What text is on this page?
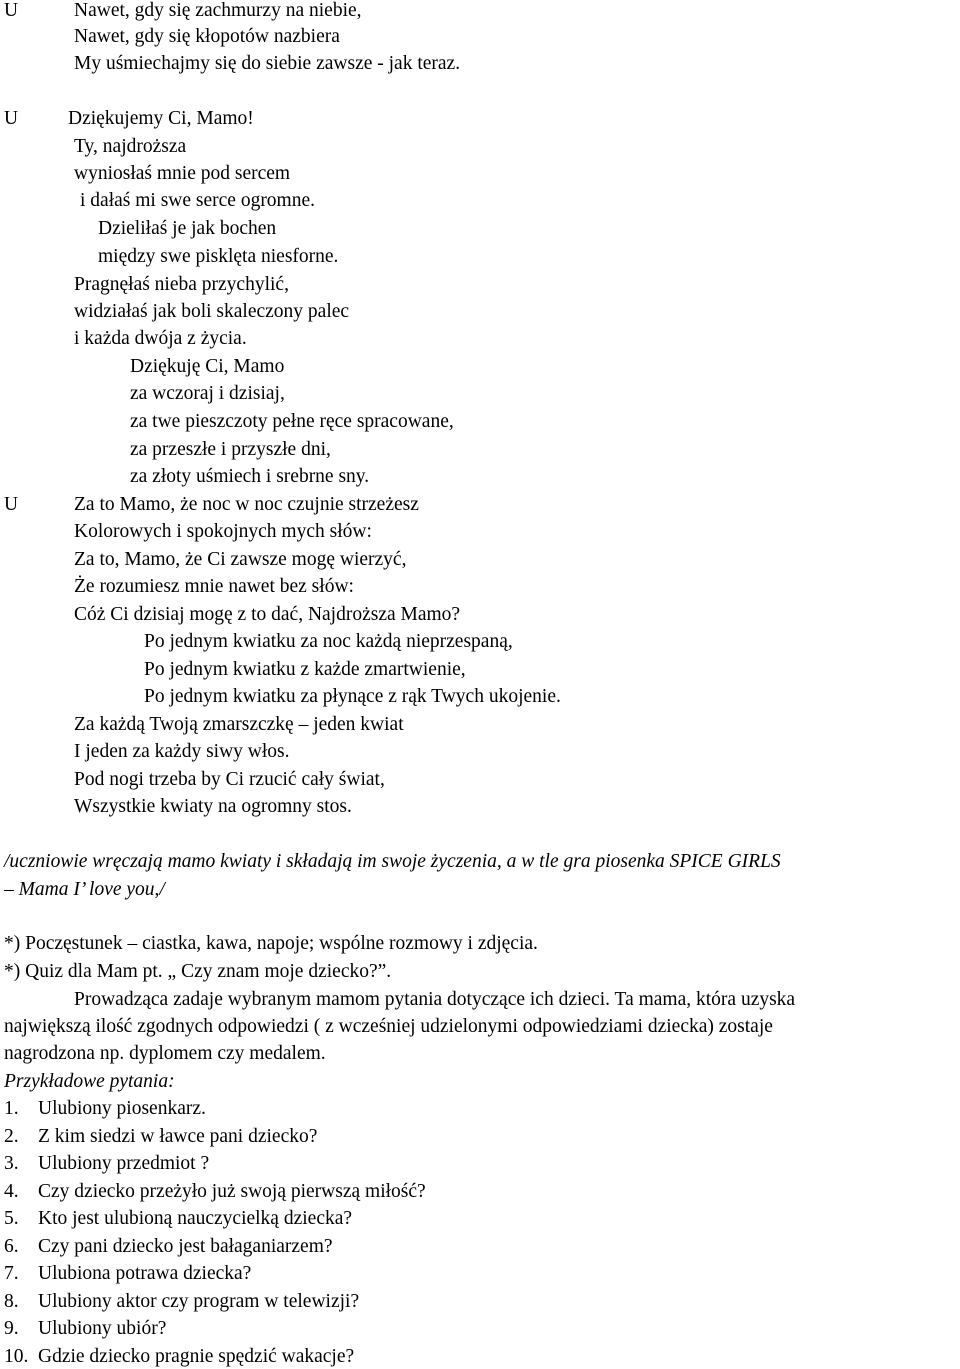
U	Nawet, gdy się zachmurzy na niebie,
Nawet, gdy się kłopotów nazbiera
My uśmiechajmy się do siebie zawsze - jak teraz.
U	Dziękujemy Ci, Mamo!
Ty, najdroższa
wyniosłaś mnie pod sercem
i dałaś mi swe serce ogromne.
Dzieliłaś je jak bochen
między swe pisklęta niesforne.
Pragnęłaś nieba przychylić,
widziałaś jak boli skaleczony palec
i każda dwója z życia.
Dziękuję Ci, Mamo
za wczoraj i dzisiaj,
za twe pieszczoty pełne ręce spracowane,
za przeszłe i przyszłe dni,
za złoty uśmiech i srebrne sny.
U	Za to Mamo, że noc w noc czujnie strzeżesz
Kolorowych i spokojnych mych słów:
Za to, Mamo, że Ci zawsze mogę wierzyć,
Że rozumiesz mnie nawet bez słów:
Cóż Ci dzisiaj mogę z to dać, Najdroższa Mamo?
Po jednym kwiatku za noc każdą nieprzespaną,
Po jednym kwiatku z każde zmartwienie,
Po jednym kwiatku za płynące z rąk Twych ukojenie.
Za każdą Twoją zmarszczkę – jeden kwiat
I jeden za każdy siwy włos.
Pod nogi trzeba by Ci rzucić cały świat,
Wszystkie kwiaty na ogromny stos.
/uczniowie wręczają mamo kwiaty i składają im swoje życzenia, a w tle gra piosenka SPICE GIRLS
– Mama I’ love you,/
*) Poczęstunek – ciastka, kawa, napoje; wspólne rozmowy i zdjęcia.
*) Quiz dla Mam pt. „ Czy znam moje dziecko?”.
Prowadząca zadaje wybranym mamom pytania dotyczące ich dzieci. Ta mama, która uzyska
największą ilość zgodnych odpowiedzi ( z wcześniej udzielonymi odpowiedziami dziecka) zostaje
nagrodzona np. dyplomem czy medalem.
Przykładowe pytania:
1. Ulubiony piosenkarz.
2. Z kim siedzi w ławce pani dziecko?
3. Ulubiony przedmiot ?
4. Czy dziecko przeżyło już swoją pierwszą miłość?
5. Kto jest ulubioną nauczycielką dziecka?
6. Czy pani dziecko jest bałaganiarzem?
7. Ulubiona potrawa dziecka?
8. Ulubiony aktor czy program w telewizji?
9. Ulubiony ubiór?
10. Gdzie dziecko pragnie spędzić wakacje?
